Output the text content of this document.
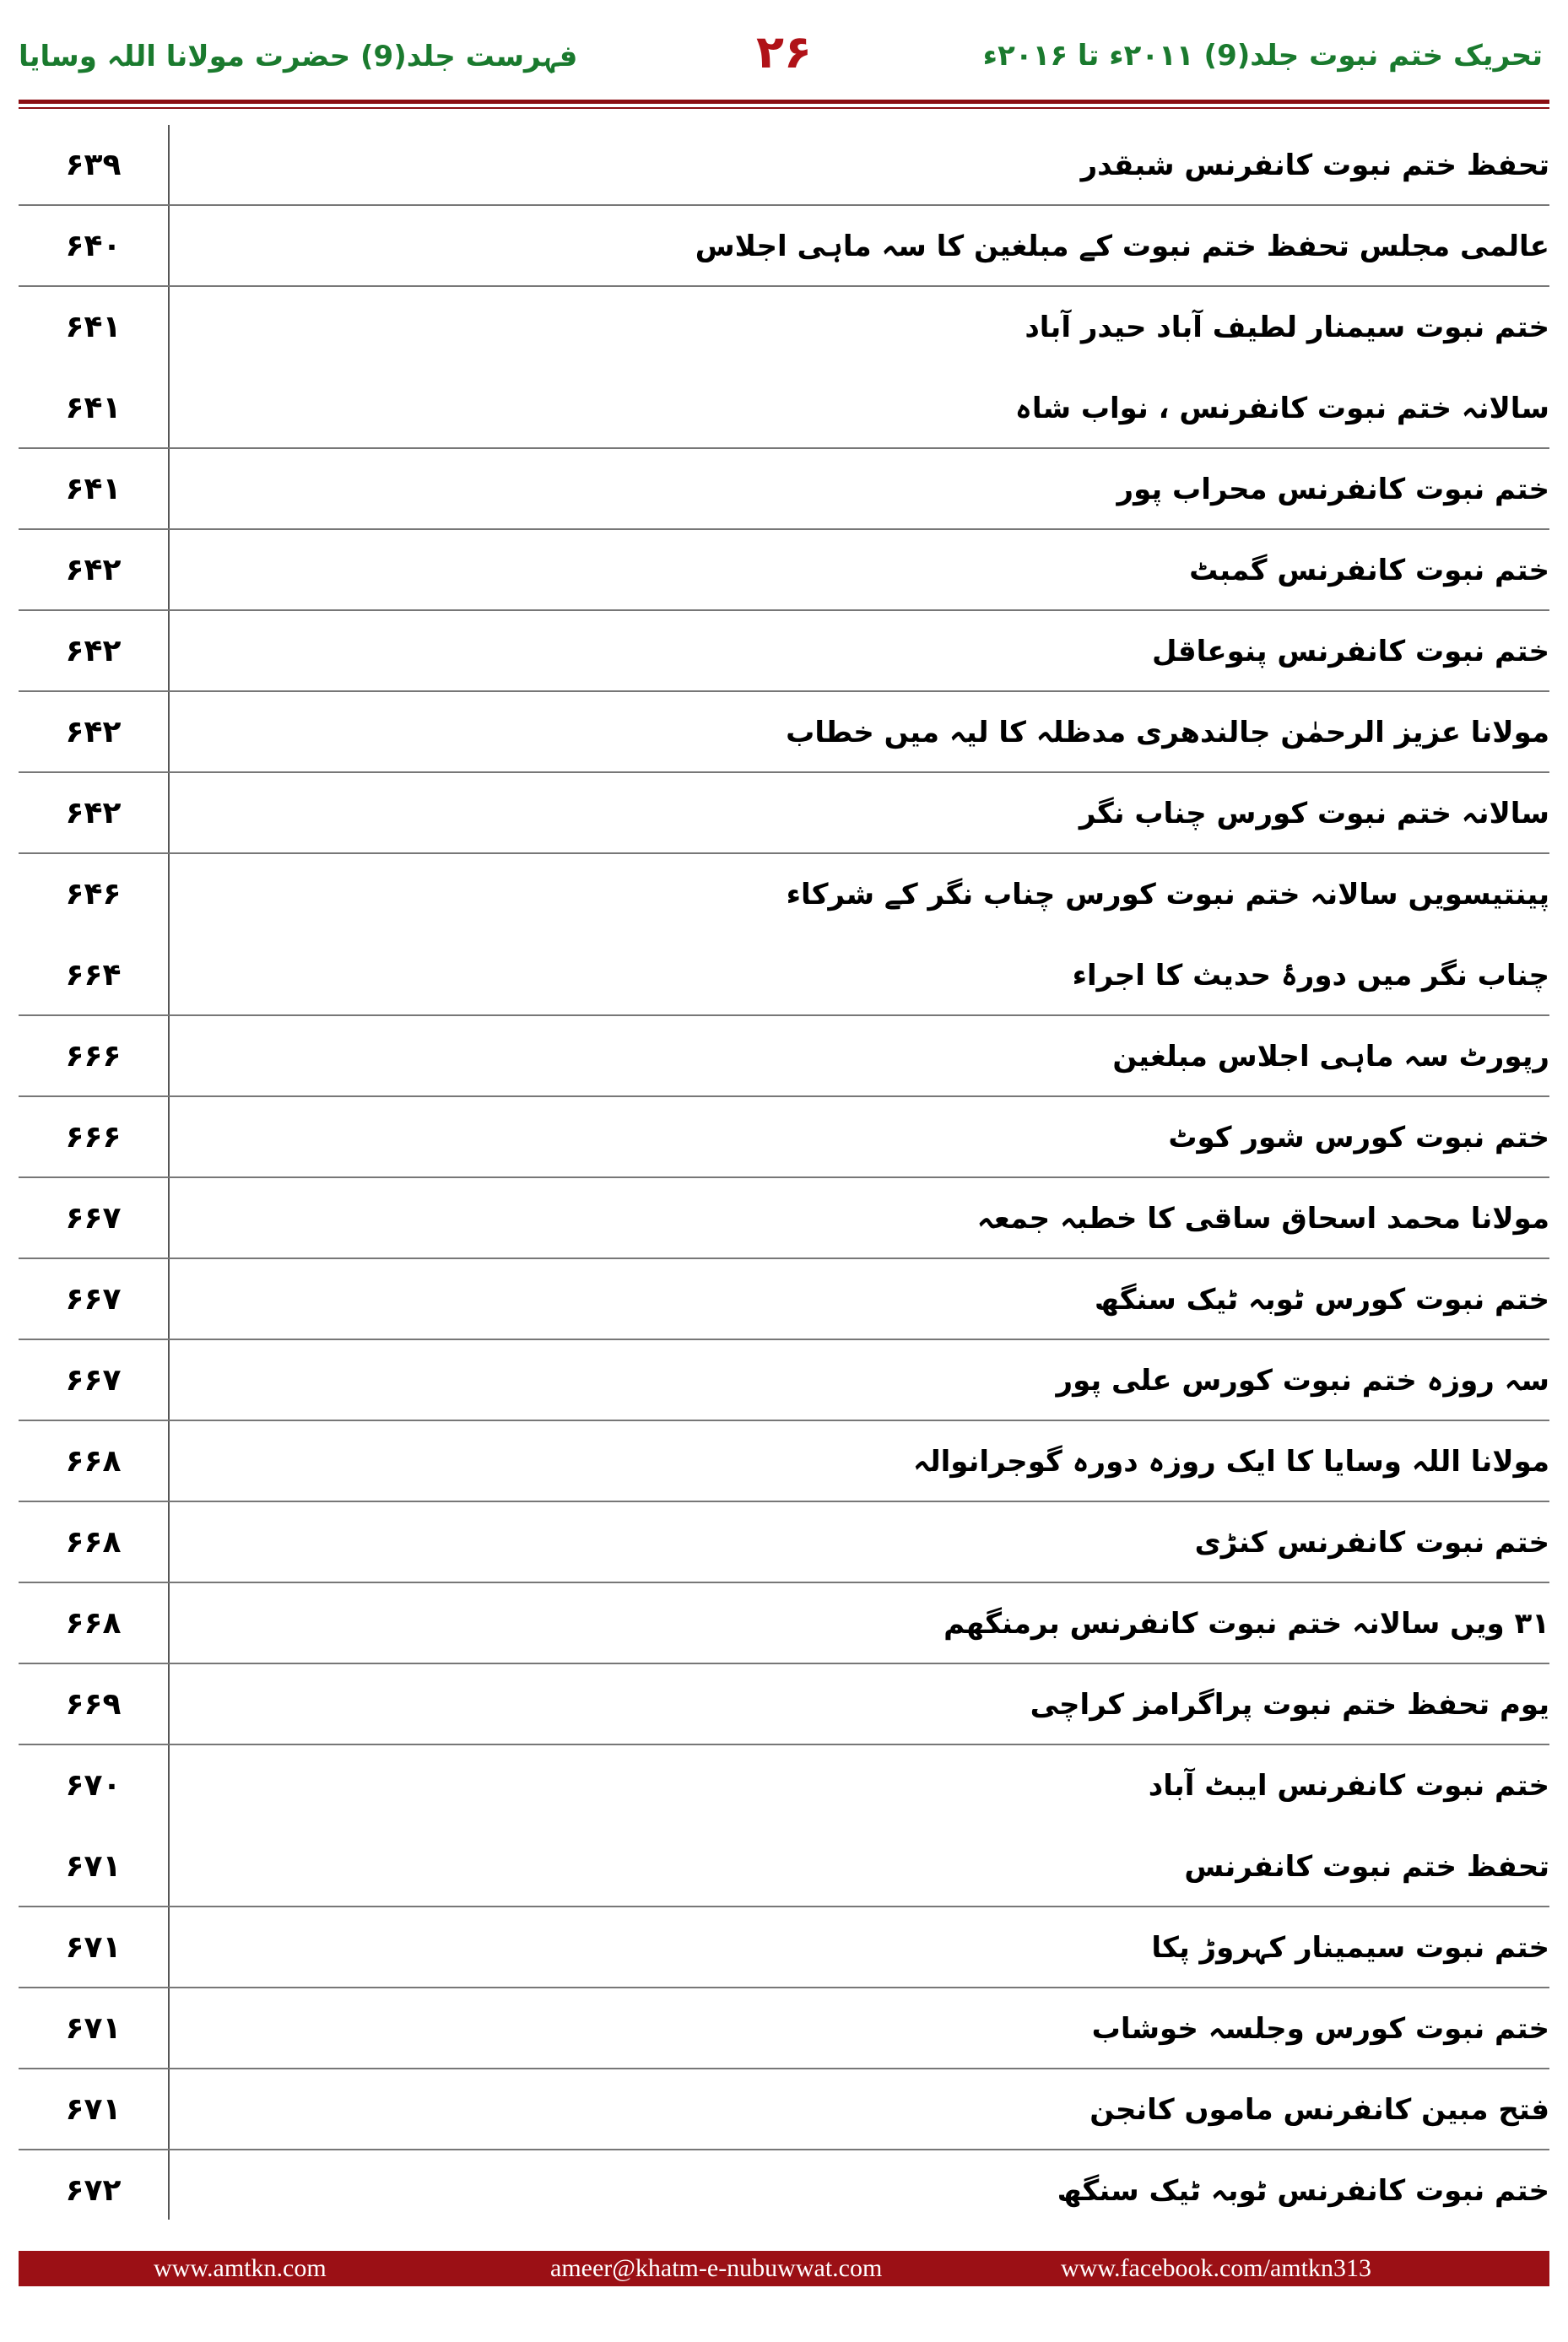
تحریک ختم نبوت جلد(9) ۲۰۱۱ء تا ۲۰۱۶ء
۲۶
فہرست جلد(9) حضرت مولانا اللہ وسایا
تحفظ ختم نبوت کانفرنس شبقدر
۶۳۹
عالمی مجلس تحفظ ختم نبوت کے مبلغین کا سہ ماہی اجلاس
۶۴۰
ختم نبوت سیمنار لطیف آباد حیدر آباد
۶۴۱
سالانہ ختم نبوت کانفرنس ، نواب شاہ
۶۴۱
ختم نبوت کانفرنس محراب پور
۶۴۱
ختم نبوت کانفرنس گمبٹ
۶۴۲
ختم نبوت کانفرنس پنوعاقل
۶۴۲
مولانا عزیز الرحمٰن جالندھری مدظلہ کا لیہ میں خطاب
۶۴۲
سالانہ ختم نبوت کورس چناب نگر
۶۴۲
پینتیسویں سالانہ ختم نبوت کورس چناب نگر کے شرکاء
۶۴۶
چناب نگر میں دورۂ حدیث کا اجراء
۶۶۴
رپورٹ سہ ماہی اجلاس مبلغین
۶۶۶
ختم نبوت کورس شور کوٹ
۶۶۶
مولانا محمد اسحاق ساقی کا خطبہ جمعہ
۶۶۷
ختم نبوت کورس ٹوبہ ٹیک سنگھ
۶۶۷
سہ روزہ ختم نبوت کورس علی پور
۶۶۷
مولانا اللہ وسایا کا ایک روزہ دورہ گوجرانوالہ
۶۶۸
ختم نبوت کانفرنس کنڑی
۶۶۸
۳۱ ویں سالانہ ختم نبوت کانفرنس برمنگھم
۶۶۸
یوم تحفظ ختم نبوت پراگرامز کراچی
۶۶۹
ختم نبوت کانفرنس ایبٹ آباد
۶۷۰
تحفظ ختم نبوت کانفرنس
۶۷۱
ختم نبوت سیمینار کہروڑ پکا
۶۷۱
ختم نبوت کورس وجلسہ خوشاب
۶۷۱
فتح مبین کانفرنس ماموں کانجن
۶۷۱
ختم نبوت کانفرنس ٹوبہ ٹیک سنگھ
۶۷۲
www.amtkn.com	ameer@khatm-e-nubuwwat.com	www.facebook.com/amtkn313
